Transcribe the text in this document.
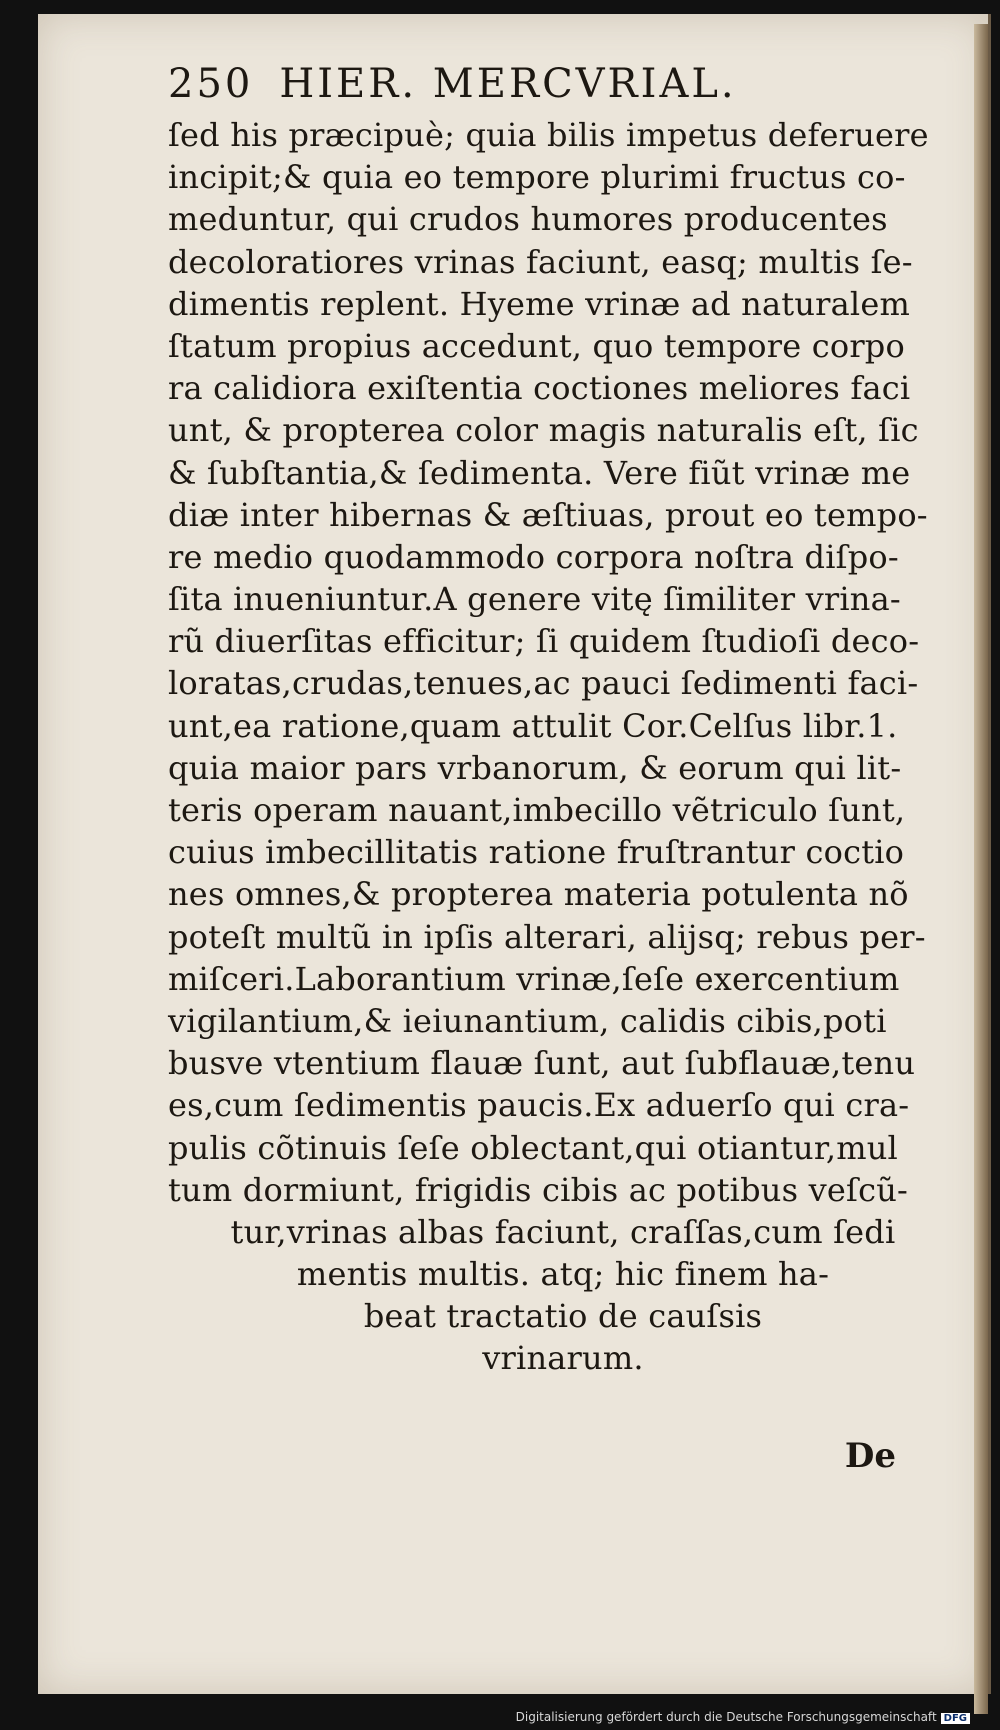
250 HIER. MERCVRIAL.
ſed his præcipuè; quia bilis impetus deferuere
incipit;& quia eo tempore plurimi fructus co-
meduntur, qui crudos humores producentes
decoloratiores vrinas faciunt, easq; multis ſe-
dimentis replent. Hyeme vrinæ ad naturalem
ſtatum propius accedunt, quo tempore corpo
ra calidiora exiſtentia coctiones meliores faci
unt, & propterea color magis naturalis eſt, ſic
& ſubſtantia,& ſedimenta. Vere fiũt vrinæ me
diæ inter hibernas & æſtiuas, prout eo tempo-
re medio quodammodo corpora noſtra diſpo-
ſita inueniuntur.A genere vitę ſimiliter vrina-
rũ diuerſitas efficitur; ſi quidem ſtudioſi deco-
loratas,crudas,tenues,ac pauci ſedimenti faci-
unt,ea ratione,quam attulit Cor.Celſus libr.1.
quia maior pars vrbanorum, & eorum qui lit-
teris operam nauant,imbecillo vẽtriculo ſunt,
cuius imbecillitatis ratione fruſtrantur coctio
nes omnes,& propterea materia potulenta nõ
poteſt multũ in ipſis alterari, alijsq; rebus per-
miſceri.Laborantium vrinæ,ſeſe exercentium
vigilantium,& ieiunantium, calidis cibis,poti
busve vtentium flauæ ſunt, aut ſubflauæ,tenu
es,cum ſedimentis paucis.Ex aduerſo qui cra-
pulis cõtinuis ſeſe oblectant,qui otiantur,mul
tum dormiunt, frigidis cibis ac potibus veſcũ-
tur,vrinas albas faciunt, craſſas,cum ſedi
mentis multis. atq; hic finem ha-
beat tractatio de cauſsis
vrinarum.
De
Digitalisierung gefördert durch die Deutsche Forschungsgemeinschaft DFG
